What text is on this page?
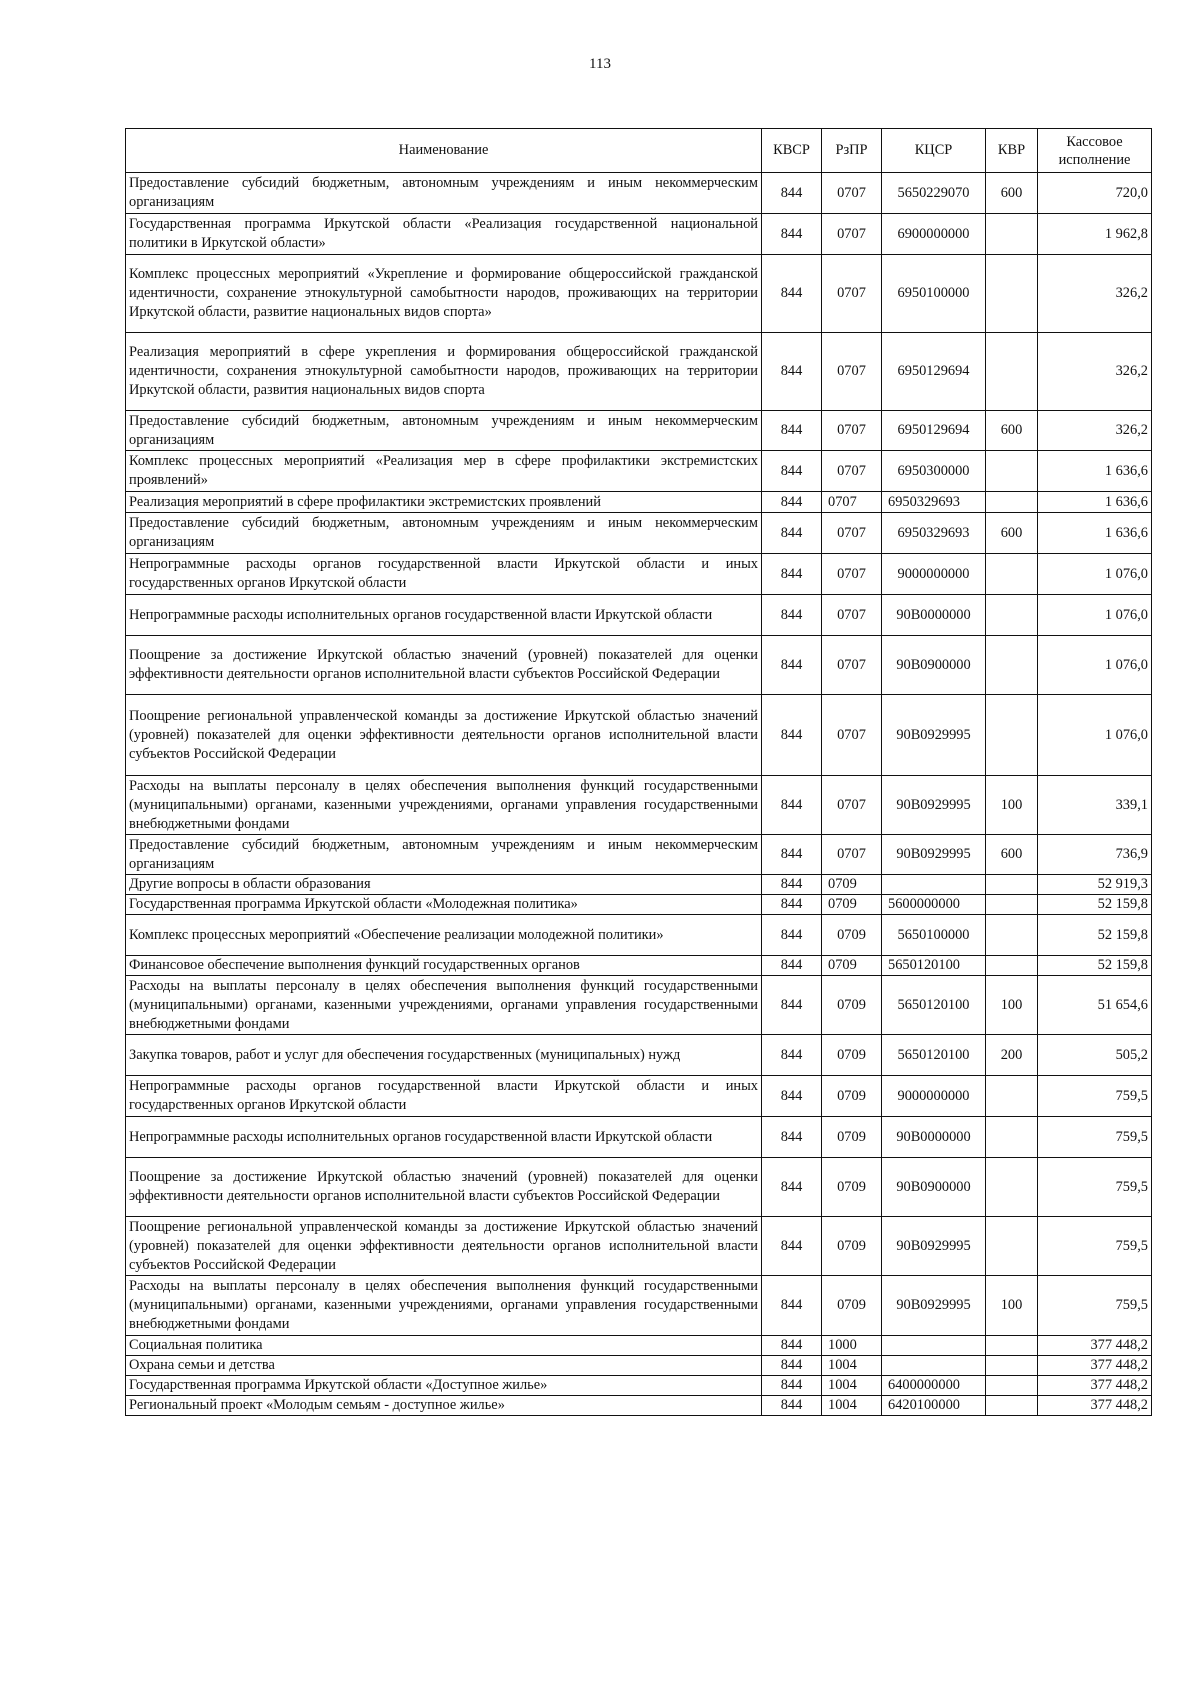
113
Наименование	КВСР	РзПР	КЦСР	КВР	Кассовое
исполнение

Предоставление субсидий бюджетным, автономным учреждениям и иным некоммерческим организациям	844	0707	5650229070	600	720,0
Государственная программа Иркутской области «Реализация государственной национальной политики в Иркутской области»	844	0707	6900000000		1 962,8
Комплекс процессных мероприятий «Укрепление и формирование общероссийской гражданской идентичности, сохранение этнокультурной самобытности народов, проживающих на территории Иркутской области, развитие национальных видов спорта»	844	0707	6950100000		326,2
Реализация мероприятий в сфере укрепления и формирования общероссийской гражданской идентичности, сохранения этнокультурной самобытности народов, проживающих на территории Иркутской области, развития национальных видов спорта	844	0707	6950129694		326,2
Предоставление субсидий бюджетным, автономным учреждениям и иным некоммерческим организациям	844	0707	6950129694	600	326,2
Комплекс процессных мероприятий «Реализация мер в сфере профилактики экстремистских проявлений»	844	0707	6950300000		1 636,6
Реализация мероприятий в сфере профилактики экстремистских проявлений	844	0707	6950329693		1 636,6
Предоставление субсидий бюджетным, автономным учреждениям и иным некоммерческим организациям	844	0707	6950329693	600	1 636,6
Непрограммные расходы органов государственной власти Иркутской области и иных государственных органов Иркутской области	844	0707	9000000000		1 076,0
Непрограммные расходы исполнительных органов государственной власти Иркутской области	844	0707	90В0000000		1 076,0
Поощрение за достижение Иркутской областью значений (уровней) показателей для оценки эффективности деятельности органов исполнительной власти субъектов Российской Федерации	844	0707	90В0900000		1 076,0
Поощрение региональной управленческой команды за достижение Иркутской областью значений (уровней) показателей для оценки эффективности деятельности органов исполнительной власти субъектов Российской Федерации	844	0707	90В0929995		1 076,0
Расходы на выплаты персоналу в целях обеспечения выполнения функций государственными (муниципальными) органами, казенными учреждениями, органами управления государственными внебюджетными фондами	844	0707	90В0929995	100	339,1
Предоставление субсидий бюджетным, автономным учреждениям и иным некоммерческим организациям	844	0707	90В0929995	600	736,9
Другие вопросы в области образования	844	0709			52 919,3
Государственная программа Иркутской области «Молодежная политика»	844	0709	5600000000		52 159,8
Комплекс процессных мероприятий «Обеспечение реализации молодежной политики»	844	0709	5650100000		52 159,8
Финансовое обеспечение выполнения функций государственных органов	844	0709	5650120100		52 159,8
Расходы на выплаты персоналу в целях обеспечения выполнения функций государственными (муниципальными) органами, казенными учреждениями, органами управления государственными внебюджетными фондами	844	0709	5650120100	100	51 654,6
Закупка товаров, работ и услуг для обеспечения государственных (муниципальных) нужд	844	0709	5650120100	200	505,2
Непрограммные расходы органов государственной власти Иркутской области и иных государственных органов Иркутской области	844	0709	9000000000		759,5
Непрограммные расходы исполнительных органов государственной власти Иркутской области	844	0709	90В0000000		759,5
Поощрение за достижение Иркутской областью значений (уровней) показателей для оценки эффективности деятельности органов исполнительной власти субъектов Российской Федерации	844	0709	90В0900000		759,5
Поощрение региональной управленческой команды за достижение Иркутской областью значений (уровней) показателей для оценки эффективности деятельности органов исполнительной власти субъектов Российской Федерации	844	0709	90В0929995		759,5
Расходы на выплаты персоналу в целях обеспечения выполнения функций государственными (муниципальными) органами, казенными учреждениями, органами управления государственными внебюджетными фондами	844	0709	90В0929995	100	759,5
Социальная политика	844	1000			377 448,2
Охрана семьи и детства	844	1004			377 448,2
Государственная программа Иркутской области «Доступное жилье»	844	1004	6400000000		377 448,2
Региональный проект «Молодым семьям - доступное жилье»	844	1004	6420100000		377 448,2
